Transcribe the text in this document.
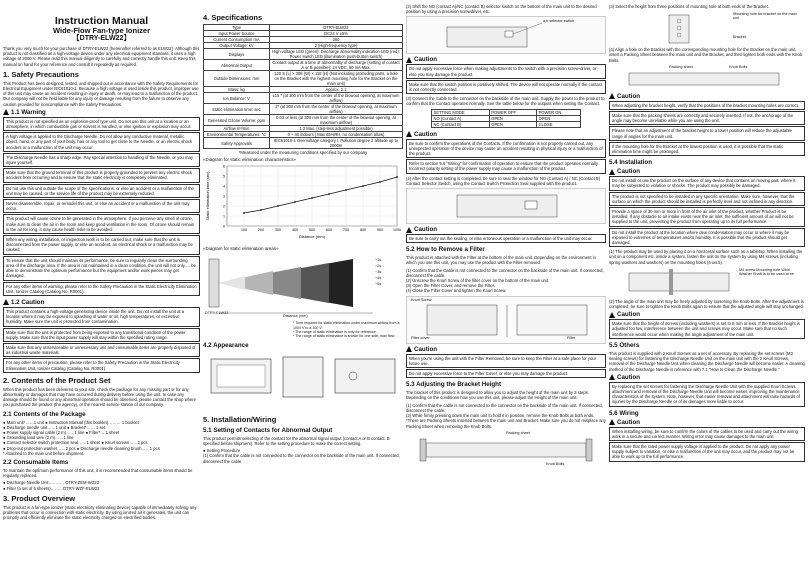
Instruction Manual
Wide-Flow Fan-type Ionizer
【DTRY-ELW22】

Thank you very much for your purchase of DTRY-ELW22 (hereinafter referred to as ELW22). Although this product is not classified as a high-voltage device under any electrical equipment standard, it uses a high voltage at 2000 V. Please read this manual diligently to carefully and correctly handle this unit. Keep this manual on hand for your reference and consult it repeatedly as required.

1. Safety Precautions

This Product has been designed, tested, and shipped out in accordance with the Safety Requirements for Electrical Equipment under IEC61010-1. Because a high voltage is used inside this product, improper use of this unit may cause an accident resulting in injury or death, or may lead to a malfunction of the product. Our company will not be held liable for any injury or damage resulting from the failure to observe any caution provided for noncompliance with the Safety Precautions.

1.1 Warning
This product is not specified as an explosion-proof type unit. Do not use this unit at a location or an atmosphere, in which combustible gas or solvent is handled, or else ignition or explosion may occur.
A high voltage is applied to the Discharge Needle. Do not allow any conductive material, metallic object, hand, or any part of your body, hair or any tool to get close to the Needle, or an electric shock accident or a malfunction of the unit may occur.
The Discharge Needle has a sharp edge. Pay special attention to handling of the Needle, or you may injure yourself.
Make sure that the ground terminal of this product is properly grounded to prevent any electric shock accident from occurring and to ensure that the static electricity is completely eliminated.
Do not use this unit outside the scope of the specifications, or else an accident or a malfunction of the unit may be caused, or the service life of the product may be extremely reduced.
Never disassemble, repair, or remodel this unit, or else an accident or a malfunction of the unit may occur.
This product will cause ozone to be generated in the atmosphere. If you perceive any smell of ozone, make sure to clean the air in the room and keep good ventilation in the room. Of ozone should remain in the air for long, it may cause health risks to be avoided.
When any wiring, installation, or inspection work is to be carried out, make sure that the unit is disconnected from the power supply, or else an accident, an electrical shock or a malfunction may be caused.
To ensure that the unit should maintain its performance, be sure to regularly clean the surrounding area of the discharge area. If the area is not maintained in a clean condition, the unit will not only … be able to demonstrate the optimum performance but the equipment and/or work pieces may get damaged.
For any other items of warning, please refer to the Safety Precaution in the Static Electricity Elimination Unit, Ionizer Catalog (Catalog No. R0001).
1.2 Caution
This product contains a high-voltage generating device inside the unit. Do not install the unit at a location where it may be exposed to splashing of water or oil, high temperatures, or excessive humidity. Make sure the unit is protected from contamination.
Make sure that the unit is protected from being exposed to any transitional condition of the power supply. Make sure that the input power supply will stay within the specified rating range.
Make sure that any unserviceable or unnecessary unit and consumable items are properly disposed of as industrial waste materials.
For any other items of precaution, please refer to the Safety Precaution in the Static Electricity Elimination Unit, Ionizer Catalog (Catalog No. R0001).
2. Contents of the Product Set

When this product has been delivered to your site, check the package for any missing part or for any abnormality or damages that may have occurred during delivery before using the unit. In case any damage should be found or any abnormal operation should be observed, please contact the shop where you purchased the product (the agency), or the nearest service station of our company.

2.1 Contents of the Package

● Main unit*……1 unit ● Instruction Manual (this booklet)……… 1 booklet

● Discharge needle unit……1 unit ● Bracket*…… 1 set

● Power supply signal cable (2 m)……1 line ● Filter*… 1 sheet

● Grounding lead wire (2 m)……1 line

● Contact selector switch protection seal……1 sheet ● Knurl screws……2 pcs

● Drop-out protection washer……2 pcs ● Discharge needle cleaning brush……1 pcs

* Attached to the main unit before shipment.

2.2 Consumable Items

To maintain the optimum performance of this unit, it is recommended that consumable items should be regularly replaced.

● Discharge Needle Unit…………DTRY-ZEM-WZ22

● Filter (a set of 5 sheets)………DTRY-WZF-ELW22

3. Product Overview

This product is a fan-type ionizer (static electricity eliminating device) capable of immediately solving any problems that occur in connection with static electricity. By using ionized air it generates, the unit can promptly and efficiently eliminate the static electricity charged on electrified bodies.

4. Specifications
Type	DTRY-ELW22
Input Power Source	DC24 V ±5%
Current Consumption mA	260
Output Voltage: kV	2 (High-frequency type)
Displays	High voltage LED (green): Discharge abnormality indication LED (red): Power switch LED (illumination push-button switch)
Abnormal Output	Contact output at a time of abnormality of discharge (setting of contact A or B possible): 24 VDC, 50 mA Max.
Outside Dimensions: mm	120 S (L) × 308 (W) × 118 (H) (Not including protruding parts, a hole on the Bracket with the highest mounting hole for the Bracket on the main unit)
Mass: kg	Approx. 2.1
Ion Balance: V	±15 * (at 300 mm from the center of the blowout opening, at maximum airflow)
Static elimination time: sec	2* (at 300 mm from the center of the blowout opening, at maximum airflow)
Generated Ozone Volume: ppm	0.03 or less (at 300 mm from the center of the blowout opening, at maximum airflow)
Airflow m³/min	1.3 Max. (step-less adjustment possible)
Environmental Temperatures: ℃	0 ~ 40 indoors ( Max 65%RH, no condensation allow)
Safety Approvals	IEC61010-1 Overvoltage category I, Pollution degree 2 altitude up to 2000m

*Measured under the measuring conditions specified by our company

«Diagram for static elimination characteristics»
100	200	300	400	500	600	700	800	900	1000
0
1
2
3
4
5
6
Distance (mm)
Static elimination time (sec)
«Diagram for static elimination areas»
~1s
~2s
~3s
~4s
~6s
DTRY-ELW22
Distance (mm)
* Time required for static elimination under maximum airflow from a 1000 V to a 100 V.
* The range of static elimination is only for reference.
* The range of static elimination is shown for one side, max flow.
4.2 Appearance
5. Installation/Wiring
5.1 Setting of Contacts for Abnormal Output

This product permits selecting of the contact for the abnormal signal output (contact A or B contact. B specified before shipment). Refer to the setting procedure to make the correct setting.

● Setting Procedure

(1) Confirm that the cable is not connected to the connector on the backside of the main unit. If connected, disconnect the cable.

(2) Shift the NO (contact A)/NC (contact B) selector switch on the bottom of the main unit to the desired position by using a precision screwdriver, etc.

a,b selector switch
Caution
Do not apply excessive force when making adjustments to the switch with a precision screw-driver, or else you may damage the product.
Make sure that the switch position is positively shifted. The device will not operate normally if the contact is not correctly connected.

(3) Connect the Cable to the connector on the backside of the main unit. Supply the power to the product to confirm that the Contact operates normally. See the table below for the outputs when setting the Contact.

SETTING MODE	POWER OFF	POWER ON
NO (Contact A)	OPEN	OPEN
NC (Contact B)	OPEN	CLOSE
Caution
Be sure to confirm the operations of the Contacts. If the confirmation is not properly carried out, any unexpected operation of the device may cause an accident resulting in physical injury or a malfunction of the product.
Refer to section 5.6 "Wiring" for confirmation of operation to ensure that the product operates normally. Incorrect polarity setting of the power supply may cause a malfunction of the product.

(4) After the contact setting is completed, be sure to seal the window for NO (Contact A) / NC (Contact B) Contact Selector Switch, using the Contact Switch Protection Seal supplied with the product.

Caution
Be sure to carry out the sealing, or else erroneous operation or a malfunction of the unit may occur.
5.2 How to Remove a Filter

This product is attached with the Filter at the bottom of the main unit. Depending on the environment in which you use this unit, you may use the product with the Filter removed.

(1) Confirm that the Cable is not connected to the connector on the backside of the main unit. If connected, disconnect the cable.

(2) Unscrew the Knurl Screw of the filter cover on the bottom of the main unit.

(3) Open the Filter Cover, and remove the Filter.

(4) Close the Filter Cover and tighten the Knurl Screw.

Knurl Screw
Filter cover	Filter
Caution
When you're using the unit with the Filter Removed, be sure to keep the Filter at a safe place for your future use.
Do not apply excessive force to the Filter Cover, or else you may damage the product.
5.3 Adjusting the Bracket Height

The bracket of this product is designed to allow you to adjust the height of the main unit by 3 steps. Depending on the conditions how you use this unit, please adjust the Height of the main unit.

(1) Confirm that the cable is not connected to the connector on the backside of the main unit. If connected, disconnect the cable.

(2) While firmly pressing down the main unit to hold it in position, remove the Knob Bolts at both ends.

*There are Packing Sheets inserted between the main unit and Bracket. Make sure you do not misplace any Packing Sheet when removing the Knob Bolts.

Packing sheet
Knob Bolts

(3) Select the height from three positions of mounting hole at both ends of the Bracket.

Mounting hole for bracket on the main unit
Bracket

(4) Align a hole on the Bracket with the corresponding mounting hole for the Bracket on the main unit, insert a Packing Sheet between the main unit and the Bracket, and then tighten both ends with the Knob Bolts.

Packing sheet	Knob Bolts
Caution
When adjusting the bracket height, verify that the positions of the bracket mounting holes are correct.
Make sure that the packing sheets are correctly and securely inserted. If not, the anchorage of the angle may become unreliable while you are using the unit.
Please note that an adjustment of the bracket height to a lower position will reduce the adjustable range of angles for the main unit.
If the mounting hole for the Bracket at the lowest position is used, it is possible that the static elimination time might be prolonged.
5.4 Installation
Caution
Do not install or use the product on the surface of any device that contains on moving part, where it may be subjected to violation or shocks. The product may possibly be damaged.
The product is not specified to be installed in any specific orientation. Make sure, however, that the surface on which the product should be installed is perfectly level and not inclined in any direction.
Provide a space of 30 mm or more in front of the air inlet of the product, whether Product is be installed. If any obstacle to air intake exists near the air inlet, the sufficient amount of air will not be supplied to the unit, preventing the product from operating up to its full performance.
Do not install the product at the location where dew condensation may occur or where it may be exposed to extremes of temperatures and/or humidity. It is possible that the product should get damaged.

(1) The product may be used by placing it on a horizontal surface such as a tabletop. When installing the unit on a component etc. inside a system, fasten the unit on the system by using M4 screws (including spring washers and washers) on the mounting holes (4-ø4.5).

M4 screw Mounting hole Whirl Washer Shaft is to be used at ne

(2) The angle of the main unit may be freely adjusted by loosening the Knob Bolts. After the adjustment is completed, be sure to tighten the Knob Bolts again to ensure that the adjusted angle will stay unchanged.

Caution
Make sure that the height of screws (including washers) is set to 8 mm or less. If the Bracket height is adjusted too low, interference between the unit and screws may occur. Make sure that no such interference would occur when making the angle adjustment of the main unit.
5.5 Others

This product is supplied with 2 Knurl Screws as a set of accessory. By replacing the set screws (M3 sealing screws) for fastening the Discharge Needle Unit on the main unit with the 2 Knurl Screws, removal of the Discharge Needle Unit when cleaning the Discharge Needle will become easier. A cleaning method of the Discharge Needle is reference with 7.1 "How to Clean the Discharge Needle."

Caution
By replacing the set screws for fastening the Discharge Needle Unit with the supplied Knurl Screws, attachment and removal of the Discharge Needle Unit will become easier, improving the maintenance characteristics of the system. Note, however, that easier removal and attachment will raise hazards of injuries by the Discharge Needle or of its damages more liable to occur.
5.6 Wiring
Caution
When installing wiring, be sure to confirm the colors of the cables to be used and carry out the wiring work in a secure and correct manner. Wiring error may cause damages to the main unit.
Make sure that the rated power supply voltage is applied to the product. Do not apply any power supply subject to variation, or else a malfunction of the unit may occur, and the product may not be able to work up to the full performance.
